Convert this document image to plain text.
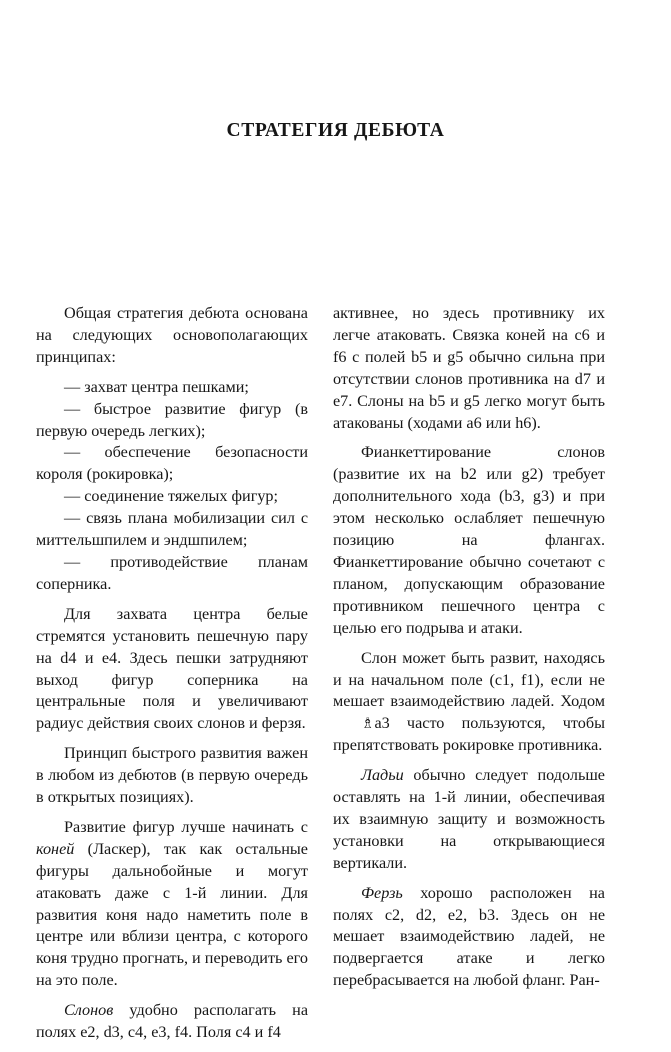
СТРАТЕГИЯ ДЕБЮТА

Общая стратегия дебюта основана на следующих основополагающих принципах:

— захват центра пешками;
— быстрое развитие фигур (в первую очередь легких);
— обеспечение безопасности короля (рокировка);
— соединение тяжелых фигур;
— связь плана мобилизации сил с миттельшпилем и эндшпилем;
— противодействие планам соперника.

Для захвата центра белые стремятся установить пешечную пару на d4 и e4. Здесь пешки затрудняют выход фигур соперника на центральные поля и увеличивают радиус действия своих слонов и ферзя.

Принцип быстрого развития важен в любом из дебютов (в первую очередь в открытых позициях).

Развитие фигур лучше начинать с коней (Ласкер), так как остальные фигуры дальнобойные и могут атаковать даже с 1-й линии. Для развития коня надо наметить поле в центре или вблизи центра, с которого коня трудно прогнать, и переводить его на это поле.

Слонов удобно располагать на полях e2, d3, c4, e3, f4. Поля c4 и f4

активнее, но здесь противнику их легче атаковать. Связка коней на c6 и f6 с полей b5 и g5 обычно сильна при отсутствии слонов противника на d7 и e7. Слоны на b5 и g5 легко могут быть атакованы (ходами a6 или h6).

Фианкеттирование слонов (развитие их на b2 или g2) требует дополнительного хода (b3, g3) и при этом несколько ослабляет пешечную позицию на флангах. Фианкеттирование обычно сочетают с планом, допускающим образование противником пешечного центра с целью его подрыва и атаки.

Слон может быть развит, находясь и на начальном поле (c1, f1), если не мешает взаимодействию ладей. Ходом ♗a3 часто пользуются, чтобы препятствовать рокировке противника.

Ладьи обычно следует подольше оставлять на 1-й линии, обеспечивая их взаимную защиту и возможность установки на открывающиеся вертикали.

Ферзь хорошо расположен на полях c2, d2, e2, b3. Здесь он не мешает взаимодействию ладей, не подвергается атаке и легко перебрасывается на любой фланг. Ран-
